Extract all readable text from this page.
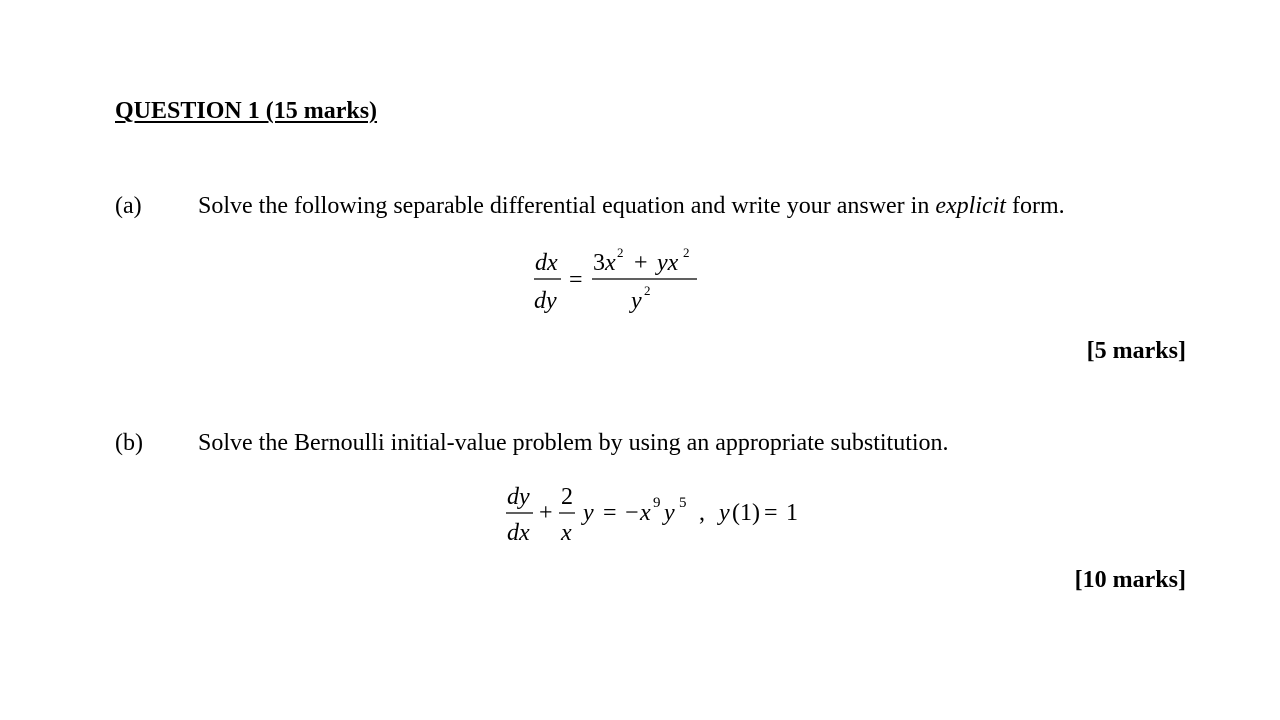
QUESTION 1 (15 marks)
(a) Solve the following separable differential equation and write your answer in explicit form.
dx
dy
=
3 x 2 + yx 2
y 2
[5 marks]
(b) Solve the Bernoulli initial-value problem by using an appropriate substitution.
dy
dx
+
2
x
y = − x 9 y 5 , y (1) = 1
[10 marks]
